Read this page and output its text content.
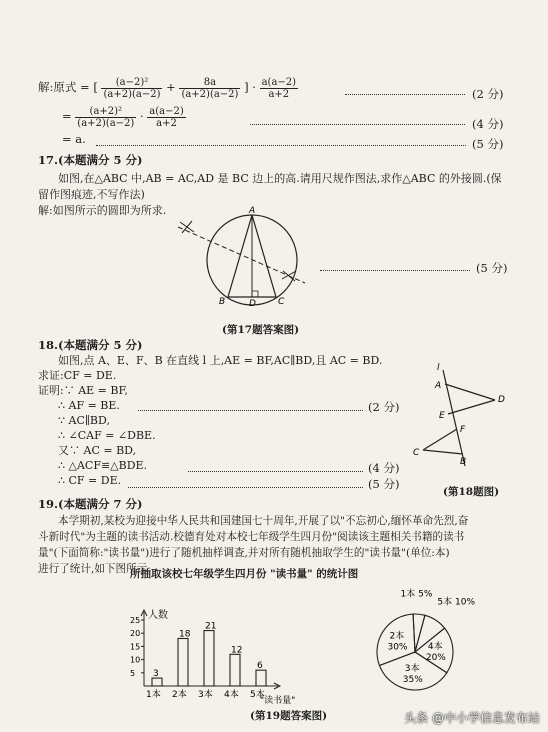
解:原式 = [ $\frac{\text{(a−2)²}}{(a+2)(a-2)} + \frac{8a}{(a+2)(a-2)}$ ] · $\frac{a(a-2)}{a+2}$	(2 分)
= $\frac{\text{(a+2)²}}{(a+2)(a-2)} \cdot \frac{a(a-2)}{a+2}$	(4 分)
= a.	(5 分)
17.(本题满分 5 分)
如图,在△ABC 中,AB = AC,AD 是 BC 边上的高.请用尺规作图法,求作△ABC 的外接圆.(保
留作图痕迹,不写作法)
解:如图所示的圆即为所求.	A
B	C
D
(5 分)
(第17题答案图)
18.(本题满分 5 分)
如图,点 A、E、F、B 在直线 l 上,AE = BF,AC∥BD,且 AC = BD.
求证:CF = DE.
证明:∵ AE = BF,
∴ AF = BE.	(2 分)
∵ AC∥BD,
∴ ∠CAF = ∠DBE.
又∵ AC = BD,
∴ △ACF≌△BDE.	(4 分)
∴ CF = DE.	(5 分)
l
A
D
E
F
C
B
(第18题图)
19.(本题满分 7 分)
本学期初,某校为迎接中华人民共和国建国七十周年,开展了以"不忘初心,缅怀革命先烈,奋
斗新时代"为主题的读书活动.校德育处对本校七年级学生四月份"阅读该主题相关书籍的读书
量"(下面简称:"读书量")进行了随机抽样调查,并对所有随机抽取学生的"读书量"(单位:本)
进行了统计,如下图所示:
所抽取该校七年级学生四月份 "读书量" 的统计图
人数
"读书量"
5
10
15
20
25
3
1本
18
2本
21
3本
12
4本
6
5本
1本 5%
5本 10%
4本
20%
3本
35%
2本
30%
(第19题答案图)	头条 @中小学信息发布站
